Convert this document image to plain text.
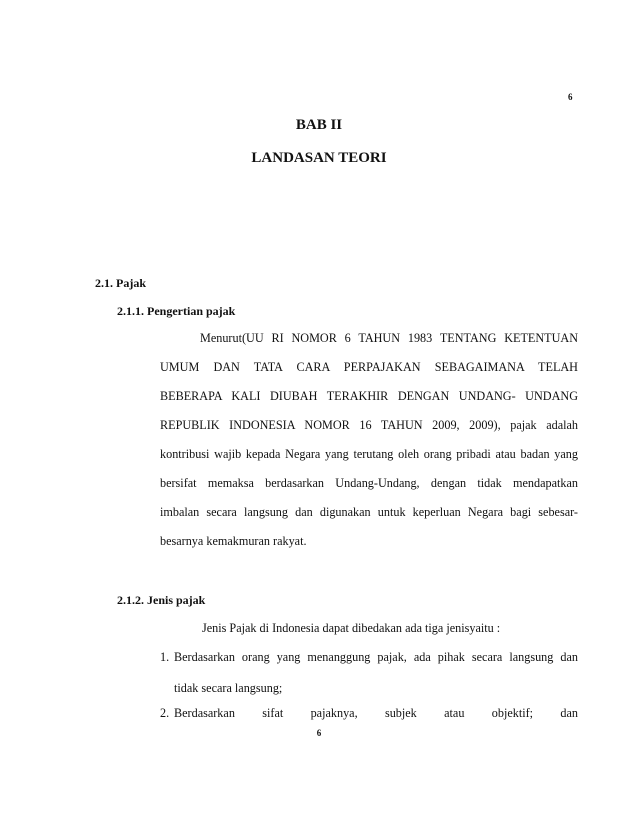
6
BAB II
LANDASAN TEORI
2.1. Pajak
2.1.1. Pengertian pajak
Menurut(UU RI NOMOR 6 TAHUN 1983 TENTANG KETENTUAN
UMUM DAN TATA CARA PERPAJAKAN SEBAGAIMANA TELAH
BEBERAPA KALI DIUBAH TERAKHIR DENGAN UNDANG- UNDANG
REPUBLIK INDONESIA NOMOR 16 TAHUN 2009, 2009), pajak adalah
kontribusi wajib kepada Negara yang terutang oleh orang pribadi atau badan yang
bersifat memaksa berdasarkan Undang-Undang, dengan tidak mendapatkan
imbalan secara langsung dan digunakan untuk keperluan Negara bagi sebesar-
besarnya kemakmuran rakyat.
2.1.2. Jenis pajak
Jenis Pajak di Indonesia dapat dibedakan ada tiga jenisyaitu :
1. Berdasarkan orang yang menanggung pajak, ada pihak secara langsung dan
tidak secara langsung;
2. Berdasarkan sifat pajaknya, subjek atau objektif; dan
6
